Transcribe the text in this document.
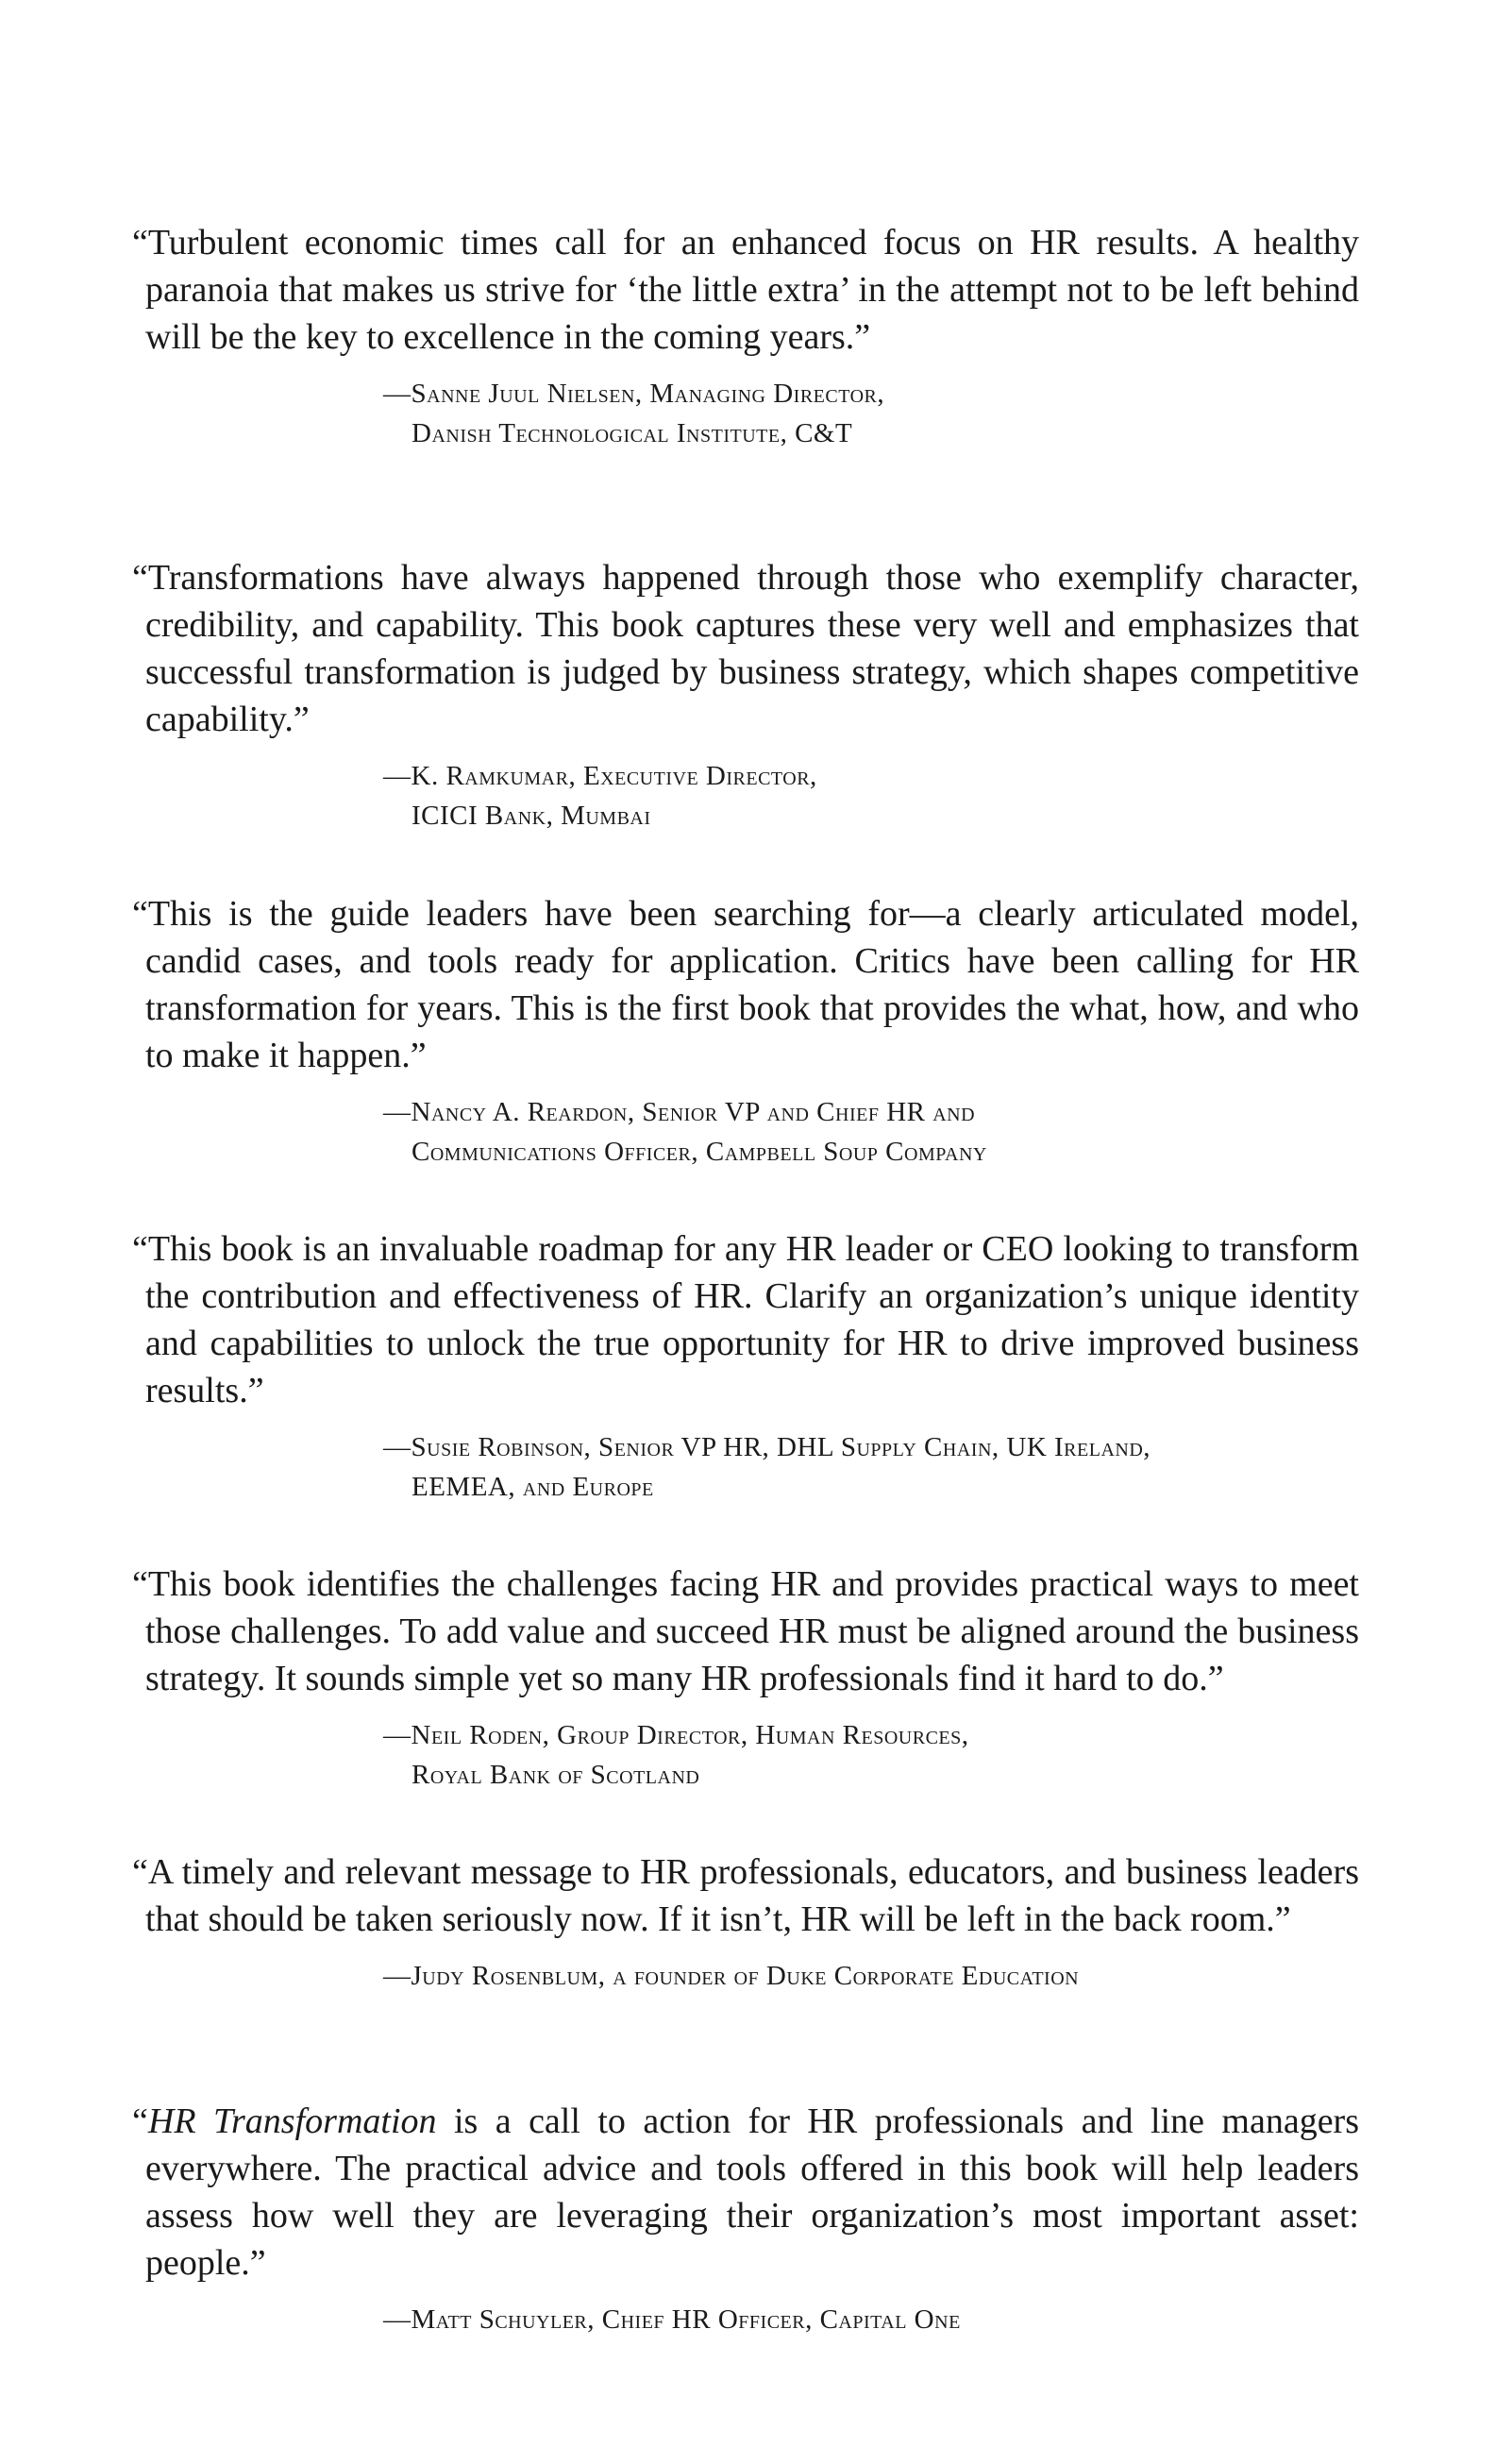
“Turbulent economic times call for an enhanced focus on HR results. A healthy paranoia that makes us strive for ‘the little extra’ in the attempt not to be left behind will be the key to excellence in the coming years.”

—Sanne Juul Nielsen, Managing Director,
Danish Technological Institute, C&T

“Transformations have always happened through those who exemplify character, credibility, and capability. This book captures these very well and emphasizes that successful transformation is judged by business strategy, which shapes competitive capability.”

—K. Ramkumar, Executive Director,
ICICI Bank, Mumbai

“This is the guide leaders have been searching for—a clearly articulated model, candid cases, and tools ready for application. Critics have been calling for HR transformation for years. This is the first book that provides the what, how, and who to make it happen.”

—Nancy A. Reardon, Senior VP and Chief HR and
Communications Officer, Campbell Soup Company

“This book is an invaluable roadmap for any HR leader or CEO looking to transform the contribution and effectiveness of HR. Clarify an organization’s unique identity and capabilities to unlock the true opportunity for HR to drive improved business results.”

—Susie Robinson, Senior VP HR, DHL Supply Chain, UK Ireland,
EEMEA, and Europe

“This book identifies the challenges facing HR and provides practical ways to meet those challenges. To add value and succeed HR must be aligned around the business strategy. It sounds simple yet so many HR professionals find it hard to do.”

—Neil Roden, Group Director, Human Resources,
Royal Bank of Scotland

“A timely and relevant message to HR professionals, educators, and business leaders that should be taken seriously now. If it isn’t, HR will be left in the back room.”

—Judy Rosenblum, a founder of Duke Corporate Education

“HR Transformation is a call to action for HR professionals and line managers everywhere. The practical advice and tools offered in this book will help leaders assess how well they are leveraging their organization’s most important asset: people.”

—Matt Schuyler, Chief HR Officer, Capital One
